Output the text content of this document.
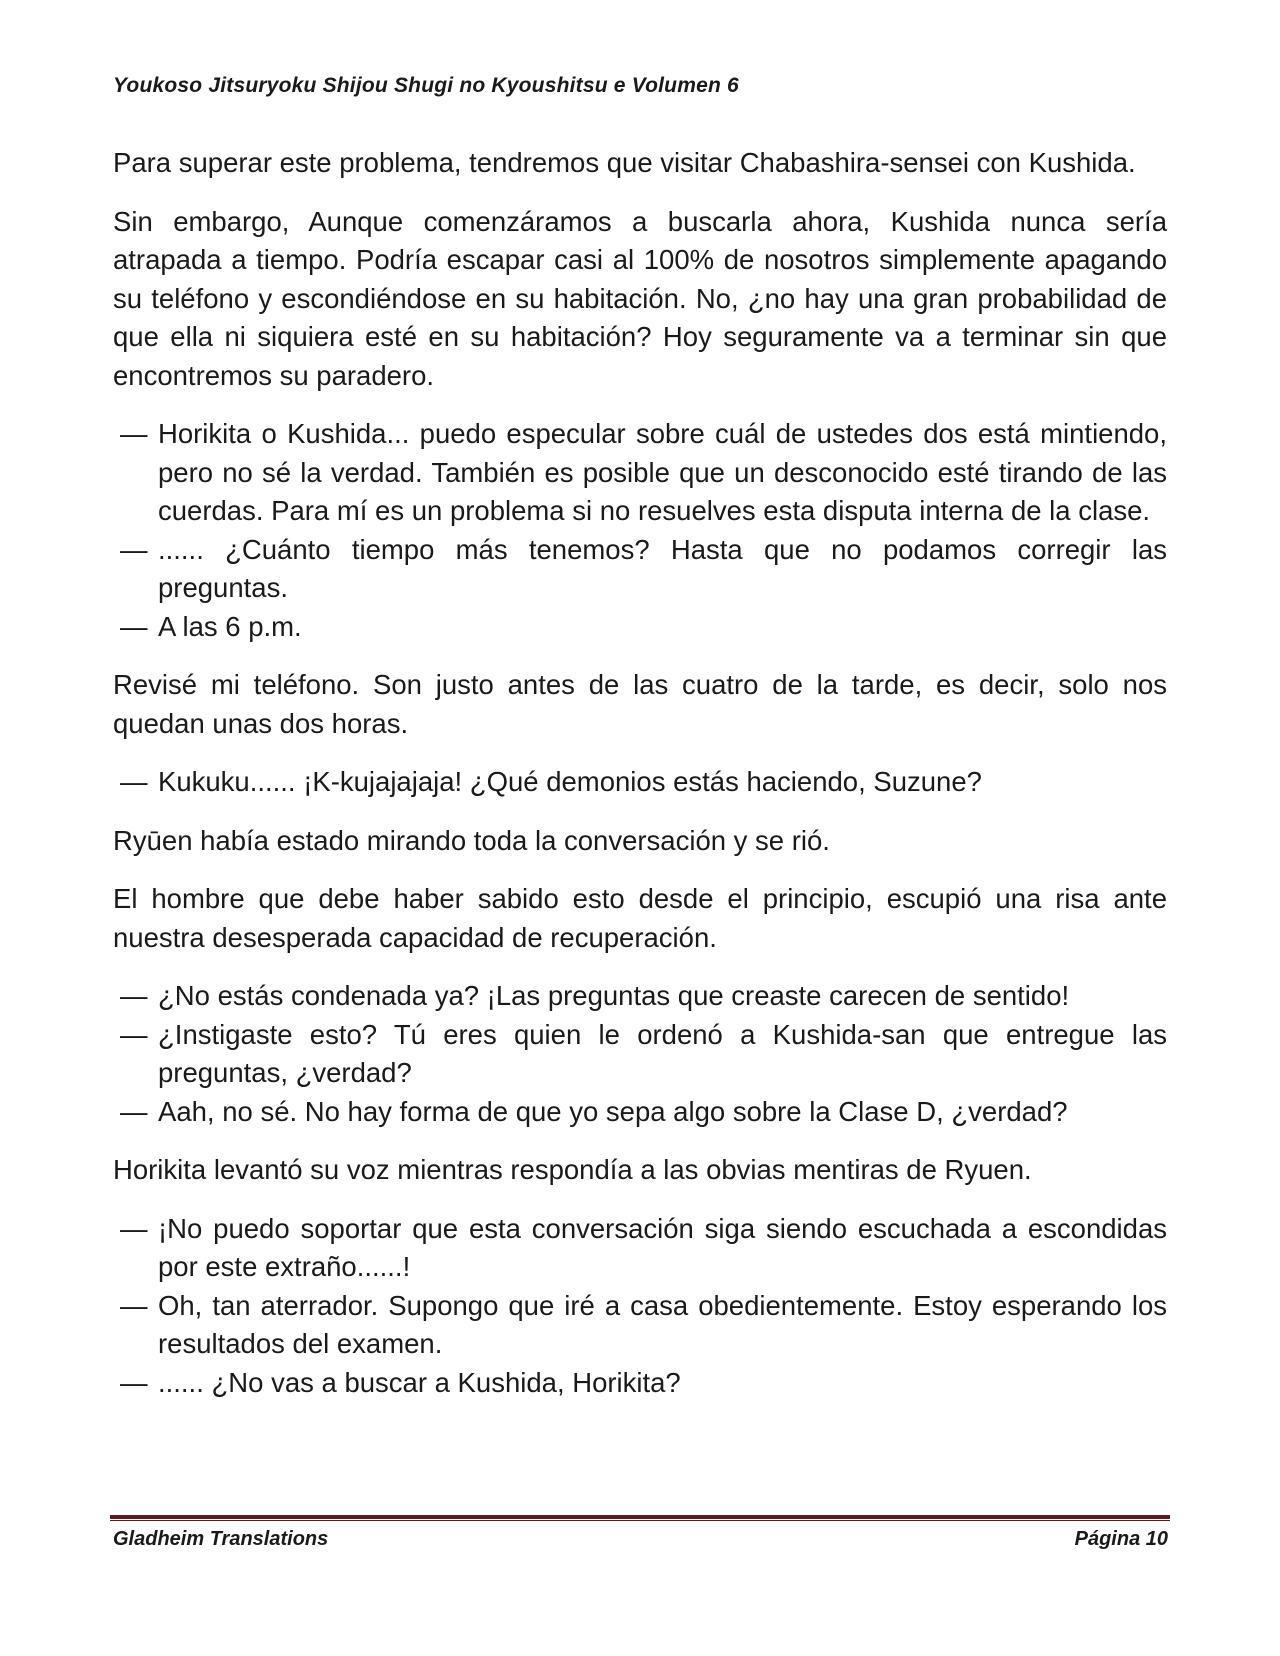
Youkoso Jitsuryoku Shijou Shugi no Kyoushitsu e Volumen 6

Para superar este problema, tendremos que visitar Chabashira-sensei con Kushida.

Sin embargo, Aunque comenzáramos a buscarla ahora, Kushida nunca sería atrapada a tiempo. Podría escapar casi al 100% de nosotros simplemente apagando su teléfono y escondiéndose en su habitación. No, ¿no hay una gran probabilidad de que ella ni siquiera esté en su habitación? Hoy seguramente va a terminar sin que encontremos su paradero.

— Horikita o Kushida... puedo especular sobre cuál de ustedes dos está mintiendo, pero no sé la verdad. También es posible que un desconocido esté tirando de las cuerdas. Para mí es un problema si no resuelves esta disputa interna de la clase.

— ...... ¿Cuánto tiempo más tenemos? Hasta que no podamos corregir las preguntas.

— A las 6 p.m.

Revisé mi teléfono. Son justo antes de las cuatro de la tarde, es decir, solo nos quedan unas dos horas.

— Kukuku...... ¡K-kujajajaja! ¿Qué demonios estás haciendo, Suzune?

Ryūen había estado mirando toda la conversación y se rió.

El hombre que debe haber sabido esto desde el principio, escupió una risa ante nuestra desesperada capacidad de recuperación.

— ¿No estás condenada ya? ¡Las preguntas que creaste carecen de sentido!

— ¿Instigaste esto? Tú eres quien le ordenó a Kushida-san que entregue las preguntas, ¿verdad?

— Aah, no sé. No hay forma de que yo sepa algo sobre la Clase D, ¿verdad?

Horikita levantó su voz mientras respondía a las obvias mentiras de Ryuen.

— ¡No puedo soportar que esta conversación siga siendo escuchada a escondidas por este extraño......!

— Oh, tan aterrador. Supongo que iré a casa obedientemente. Estoy esperando los resultados del examen.

— ...... ¿No vas a buscar a Kushida, Horikita?

Gladheim Translations	Página 10
